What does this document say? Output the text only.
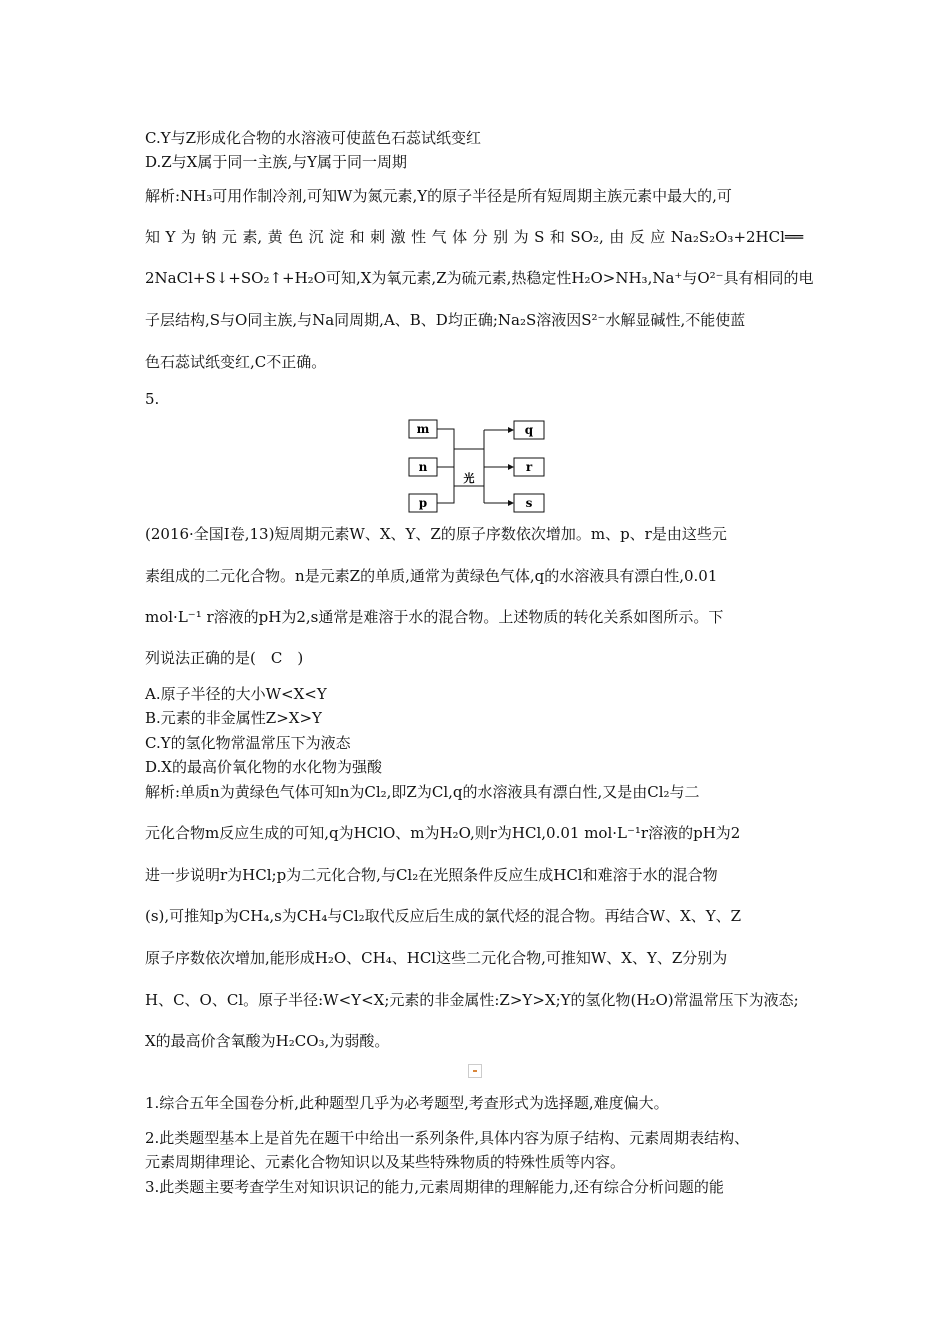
C.Y与Z形成化合物的水溶液可使蓝色石蕊试纸变红
D.Z与X属于同一主族,与Y属于同一周期
解析:NH₃可用作制冷剂,可知W为氮元素,Y的原子半径是所有短周期主族元素中最大的,可
知 Y 为 钠 元 素, 黄 色 沉 淀 和 刺 激 性 气 体 分 别 为 S 和 SO₂, 由 反 应 Na₂S₂O₃+2HCl══
2NaCl+S↓+SO₂↑+H₂O可知,X为氧元素,Z为硫元素,热稳定性H₂O>NH₃,Na⁺与O²⁻具有相同的电
子层结构,S与O同主族,与Na同周期,A、B、D均正确;Na₂S溶液因S²⁻水解显碱性,不能使蓝
色石蕊试纸变红,C不正确。
5.
m
n
p
q
r
s
光
(2016·全国Ⅰ卷,13)短周期元素W、X、Y、Z的原子序数依次增加。m、p、r是由这些元
素组成的二元化合物。n是元素Z的单质,通常为黄绿色气体,q的水溶液具有漂白性,0.01
mol·L⁻¹ r溶液的pH为2,s通常是难溶于水的混合物。上述物质的转化关系如图所示。下
列说法正确的是(　C　)
A.原子半径的大小W<X<Y
B.元素的非金属性Z>X>Y
C.Y的氢化物常温常压下为液态
D.X的最高价氧化物的水化物为强酸
解析:单质n为黄绿色气体可知n为Cl₂,即Z为Cl,q的水溶液具有漂白性,又是由Cl₂与二
元化合物m反应生成的可知,q为HClO、m为H₂O,则r为HCl,0.01 mol·L⁻¹r溶液的pH为2
进一步说明r为HCl;p为二元化合物,与Cl₂在光照条件反应生成HCl和难溶于水的混合物
(s),可推知p为CH₄,s为CH₄与Cl₂取代反应后生成的氯代烃的混合物。再结合W、X、Y、Z
原子序数依次增加,能形成H₂O、CH₄、HCl这些二元化合物,可推知W、X、Y、Z分别为
H、C、O、Cl。原子半径:W<Y<X;元素的非金属性:Z>Y>X;Y的氢化物(H₂O)常温常压下为液态;
X的最高价含氧酸为H₂CO₃,为弱酸。
1.综合五年全国卷分析,此种题型几乎为必考题型,考查形式为选择题,难度偏大。
2.此类题型基本上是首先在题干中给出一系列条件,具体内容为原子结构、元素周期表结构、
元素周期律理论、元素化合物知识以及某些特殊物质的特殊性质等内容。
3.此类题主要考查学生对知识识记的能力,元素周期律的理解能力,还有综合分析问题的能
